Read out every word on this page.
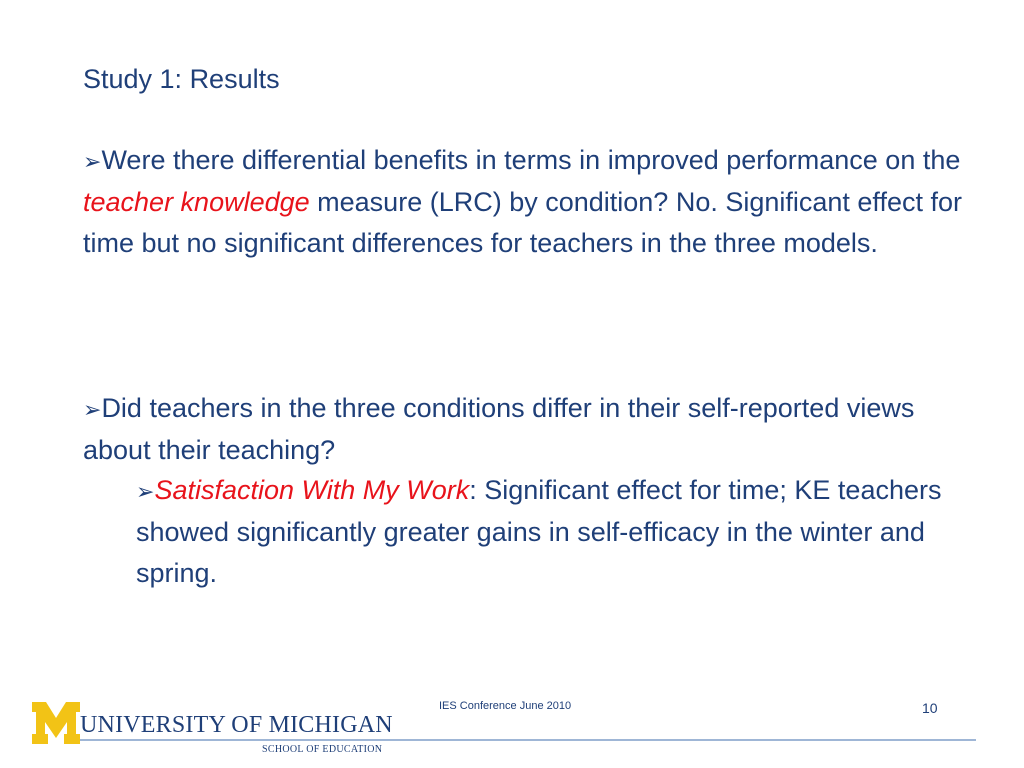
Study 1: Results
➢Were there differential benefits in terms in improved performance on the teacher knowledge measure (LRC) by condition? No. Significant effect for time but no significant differences for teachers in the three models.
➢Did teachers in the three conditions differ in their self-reported views about their teaching?
➢Satisfaction With My Work: Significant effect for time; KE teachers showed significantly greater gains in self-efficacy in the winter and spring.
IES Conference June 2010	10
UNIVERSITY OF MICHIGAN
SCHOOL OF EDUCATION
